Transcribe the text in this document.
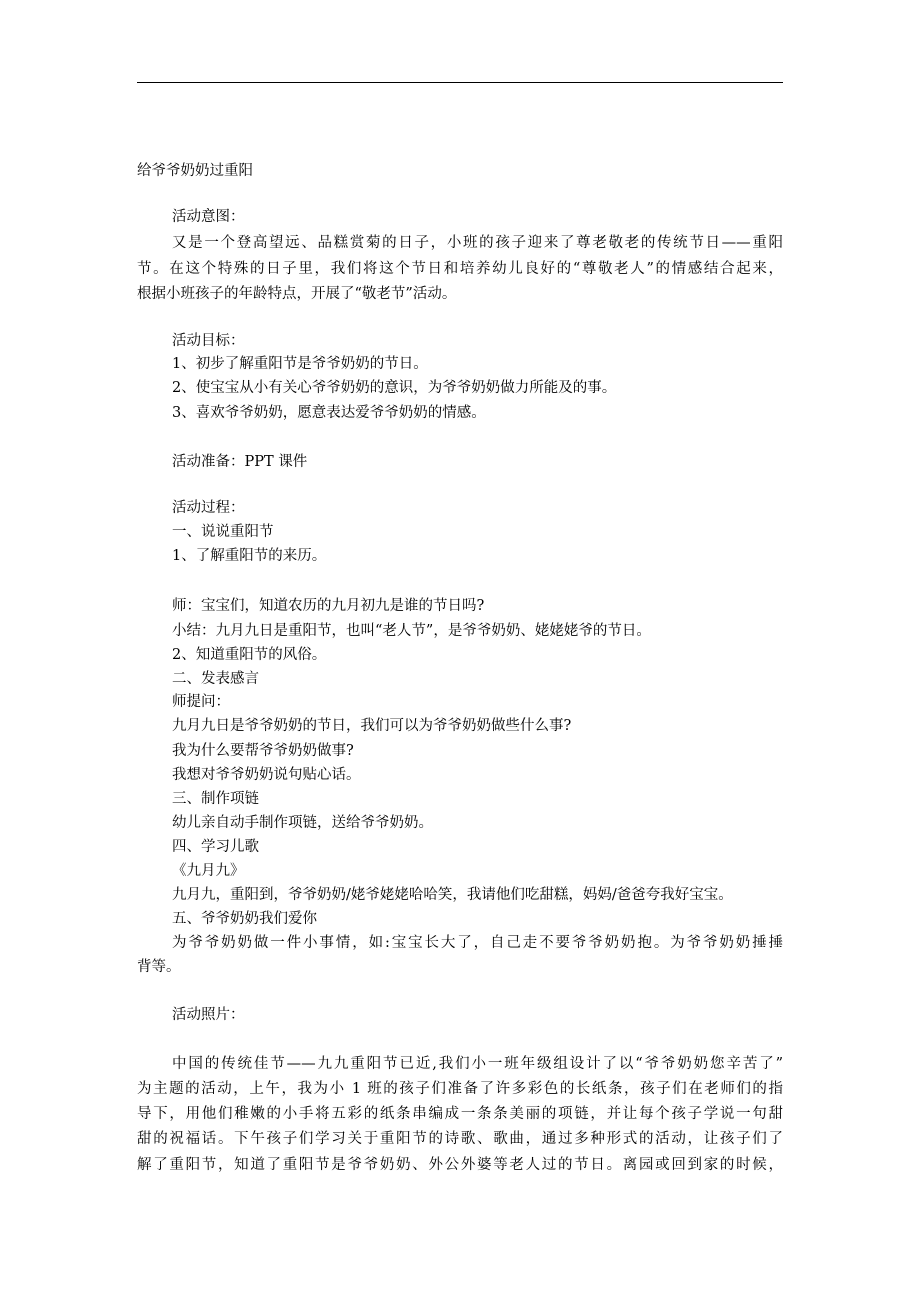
给爷爷奶奶过重阳
活动意图：
又是一个登高望远、品糕赏菊的日子，小班的孩子迎来了尊老敬老的传统节日——重阳
节。在这个特殊的日子里，我们将这个节日和培养幼儿良好的“尊敬老人”的情感结合起来，
根据小班孩子的年龄特点，开展了“敬老节”活动。
活动目标：
1、初步了解重阳节是爷爷奶奶的节日。
2、使宝宝从小有关心爷爷奶奶的意识，为爷爷奶奶做力所能及的事。
3、喜欢爷爷奶奶，愿意表达爱爷爷奶奶的情感。
活动准备：PPT 课件
活动过程：
一、说说重阳节
1、了解重阳节的来历。
师：宝宝们，知道农历的九月初九是谁的节日吗?
小结：九月九日是重阳节，也叫“老人节”，是爷爷奶奶、姥姥姥爷的节日。
2、知道重阳节的风俗。
二、发表感言
师提问：
九月九日是爷爷奶奶的节日，我们可以为爷爷奶奶做些什么事?
我为什么要帮爷爷奶奶做事?
我想对爷爷奶奶说句贴心话。
三、制作项链
幼儿亲自动手制作项链，送给爷爷奶奶。
四、学习儿歌
《九月九》
九月九，重阳到，爷爷奶奶/姥爷姥姥哈哈笑，我请他们吃甜糕，妈妈/爸爸夸我好宝宝。
五、爷爷奶奶我们爱你
为爷爷奶奶做一件小事情，如:宝宝长大了，自己走不要爷爷奶奶抱。为爷爷奶奶捶捶
背等。
活动照片：
中国的传统佳节——九九重阳节已近,我们小一班年级组设计了以“爷爷奶奶您辛苦了”
为主题的活动，上午，我为小 1 班的孩子们准备了许多彩色的长纸条，孩子们在老师们的指
导下，用他们稚嫩的小手将五彩的纸条串编成一条条美丽的项链，并让每个孩子学说一句甜
甜的祝福话。下午孩子们学习关于重阳节的诗歌、歌曲，通过多种形式的活动，让孩子们了
解了重阳节，知道了重阳节是爷爷奶奶、外公外婆等老人过的节日。离园或回到家的时候，
